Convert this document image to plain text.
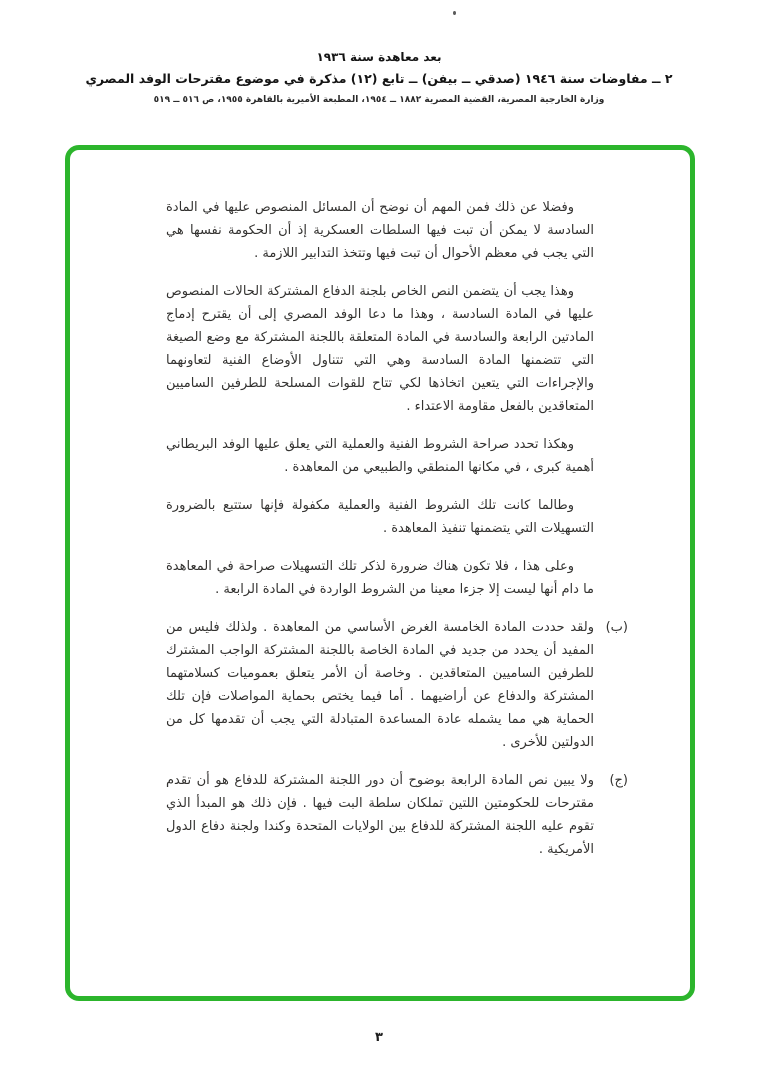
بعد معاهدة سنة ١٩٣٦
٢ ــ مفاوضات سنة ١٩٤٦ (صدقي ــ بيفن) ــ تابع (١٢) مذكرة في موضوع مقترحات الوفد المصري
وزارة الخارجية المصرية، القضية المصرية ١٨٨٢ ــ ١٩٥٤، المطبعة الأميرية بالقاهرة ١٩٥٥، ص ٥١٦ ــ ٥١٩

وفضلا عن ذلك فمن المهم أن نوضح أن المسائل المنصوص عليها في المادة السادسة لا يمكن أن تبت فيها السلطات العسكرية إذ أن الحكومة نفسها هي التي يجب في معظم الأحوال أن تبت فيها وتتخذ التدابير اللازمة .

وهذا يجب أن يتضمن النص الخاص بلجنة الدفاع المشتركة الحالات المنصوص عليها في المادة السادسة ، وهذا ما دعا الوفد المصري إلى أن يقترح إدماج المادتين الرابعة والسادسة في المادة المتعلقة باللجنة المشتركة مع وضع الصيغة التي تتضمنها المادة السادسة وهي التي تتناول الأوضاع الفنية لتعاونهما والإجراءات التي يتعين اتخاذها لكي تتاح للقوات المسلحة للطرفين الساميين المتعاقدين بالفعل مقاومة الاعتداء .

وهكذا تحدد صراحة الشروط الفنية والعملية التي يعلق عليها الوفد البريطاني أهمية كبرى ، في مكانها المنطقي والطبيعي من المعاهدة .

وطالما كانت تلك الشروط الفنية والعملية مكفولة فإنها ستتبع بالضرورة التسهيلات التي يتضمنها تنفيذ المعاهدة .

وعلى هذا ، فلا تكون هناك ضرورة لذكر تلك التسهيلات صراحة في المعاهدة ما دام أنها ليست إلا جزءا معينا من الشروط الواردة في المادة الرابعة .

(ب)
ولقد حددت المادة الخامسة الغرض الأساسي من المعاهدة . ولذلك فليس من المفيد أن يحدد من جديد في المادة الخاصة باللجنة المشتركة الواجب المشترك للطرفين الساميين المتعاقدين . وخاصة أن الأمر يتعلق بعموميات كسلامتهما المشتركة والدفاع عن أراضيهما . أما فيما يختص بحماية المواصلات فإن تلك الحماية هي مما يشمله عادة المساعدة المتبادلة التي يجب أن تقدمها كل من الدولتين للأخرى .

(ج)
ولا يبين نص المادة الرابعة بوضوح أن دور اللجنة المشتركة للدفاع هو أن تقدم مقترحات للحكومتين اللتين تملكان سلطة البت فيها . فإن ذلك هو المبدأ الذي تقوم عليه اللجنة المشتركة للدفاع بين الولايات المتحدة وكندا ولجنة دفاع الدول الأمريكية .

٣
